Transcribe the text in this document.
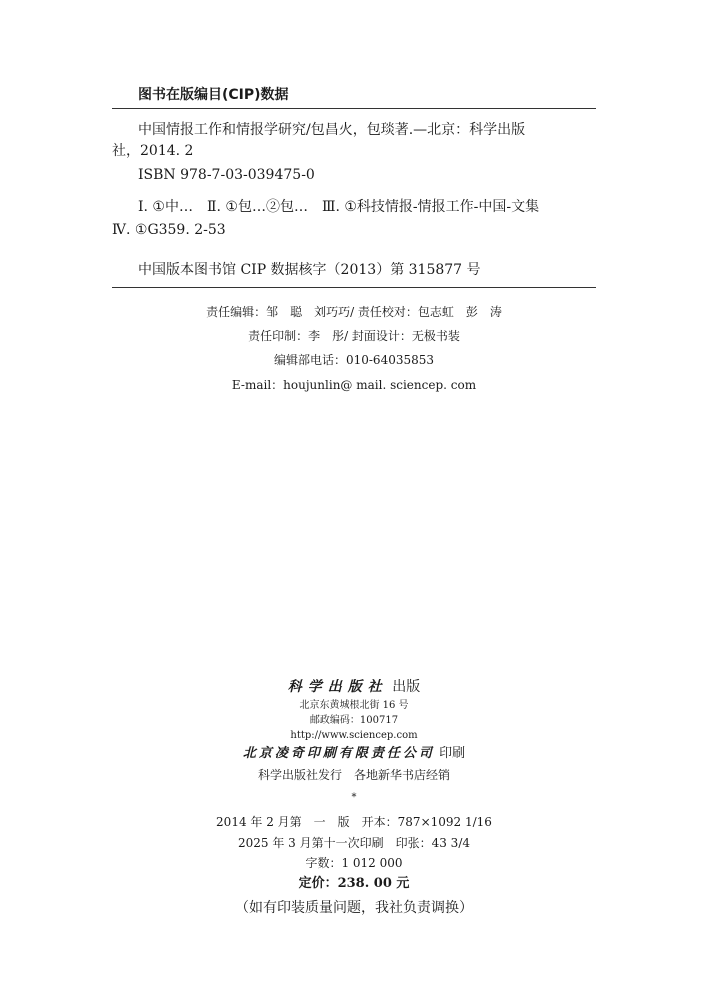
图书在版编目(CIP)数据
中国情报工作和情报学研究/包昌火，包琰著.—北京：科学出版
社，2014. 2
ISBN 978-7-03-039475-0
Ⅰ. ①中…　Ⅱ. ①包…②包…　Ⅲ. ①科技情报-情报工作-中国-文集
Ⅳ. ①G359. 2-53
中国版本图书馆 CIP 数据核字（2013）第 315877 号
责任编辑：邹　聪　刘巧巧/ 责任校对：包志虹　彭　涛
责任印制：李　彤/ 封面设计：无极书装
编辑部电话：010-64035853
E-mail：houjunlin@ mail. sciencep. com
科学出版社 出版
北京东黄城根北街 16 号
邮政编码：100717
http://www.sciencep.com
北京凌奇印刷有限责任公司 印刷
科学出版社发行　各地新华书店经销
*
2014 年 2 月第　一　版　开本：787×1092 1/16
2025 年 3 月第十一次印刷　印张：43 3/4
字数：1 012 000
定价：238. 00 元
（如有印装质量问题，我社负责调换）
